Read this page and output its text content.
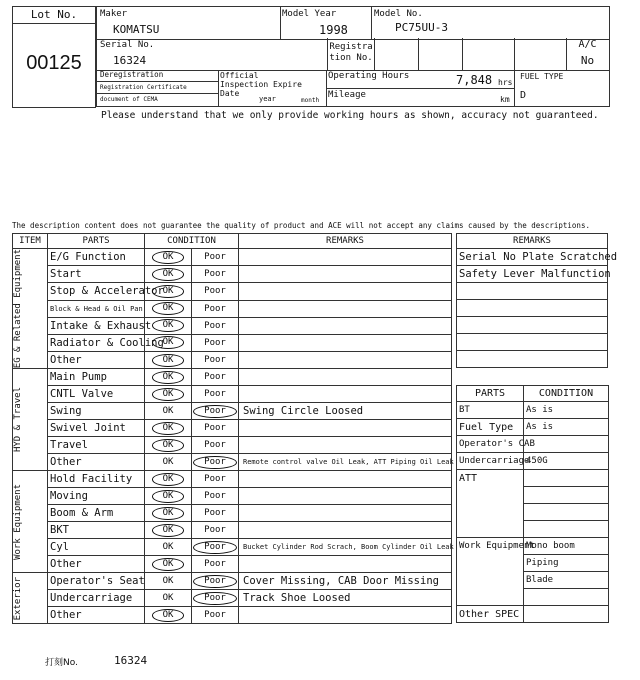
Lot No.
00125
Maker
KOMATSU
Model Year
1998
Model No.
PC75UU-3
Serial No.
16324
Registration No.
A/C
No
Deregistration
Registration Certificate
document of CEMA
Official Inspection Expire Date
year	month
Operating Hours	7,848 hrs
Mileage	km
FUEL TYPE
D
Please understand that we only provide working hours as shown, accuracy not guaranteed.
The description content does not guarantee the quality of product and ACE will not accept any claims caused by the descriptions.
ITEM	PARTS	CONDITION		REMARKS

EG & Related Equipment	E/G Function	OK	Poor	
	Start	OK	Poor	
	Stop & Accelerator	OK	Poor	
	Block & Head & Oil Pan	OK	Poor	
	Intake & Exhaust	OK	Poor	
	Radiator & Cooling	OK	Poor	
	Other	OK	Poor	

HYD & Travel	Main Pump	OK	Poor	
	CNTL Valve	OK	Poor	
	Swing	OK	Poor	Swing Circle Loosed
	Swivel Joint	OK	Poor	
	Travel	OK	Poor	
	Other	OK	Poor	Remote control valve Oil Leak, ATT Piping Oil Leak

Work Equipment	Hold Facility	OK	Poor	
	Moving	OK	Poor	
	Boom & Arm	OK	Poor	
	BKT	OK	Poor	
	Cyl	OK	Poor	Bucket Cylinder Rod Scrach, Boom Cylinder Oil Leak
	Other	OK	Poor	

Exterior	Operator's Seat	OK	Poor	Cover Missing, CAB Door Missing
	Undercarriage	OK	Poor	Track Shoe Loosed
	Other	OK	Poor	
REMARKS
Serial No Plate Scratched
Safety Lever Malfunction

PARTS	CONDITION
BT	As is
Fuel Type	As is
Operator's CAB	
Undercarriage	450G
ATT	

Work Equipment	Mono boom
	Piping
	Blade

Other SPEC	
打刻No.	16324
